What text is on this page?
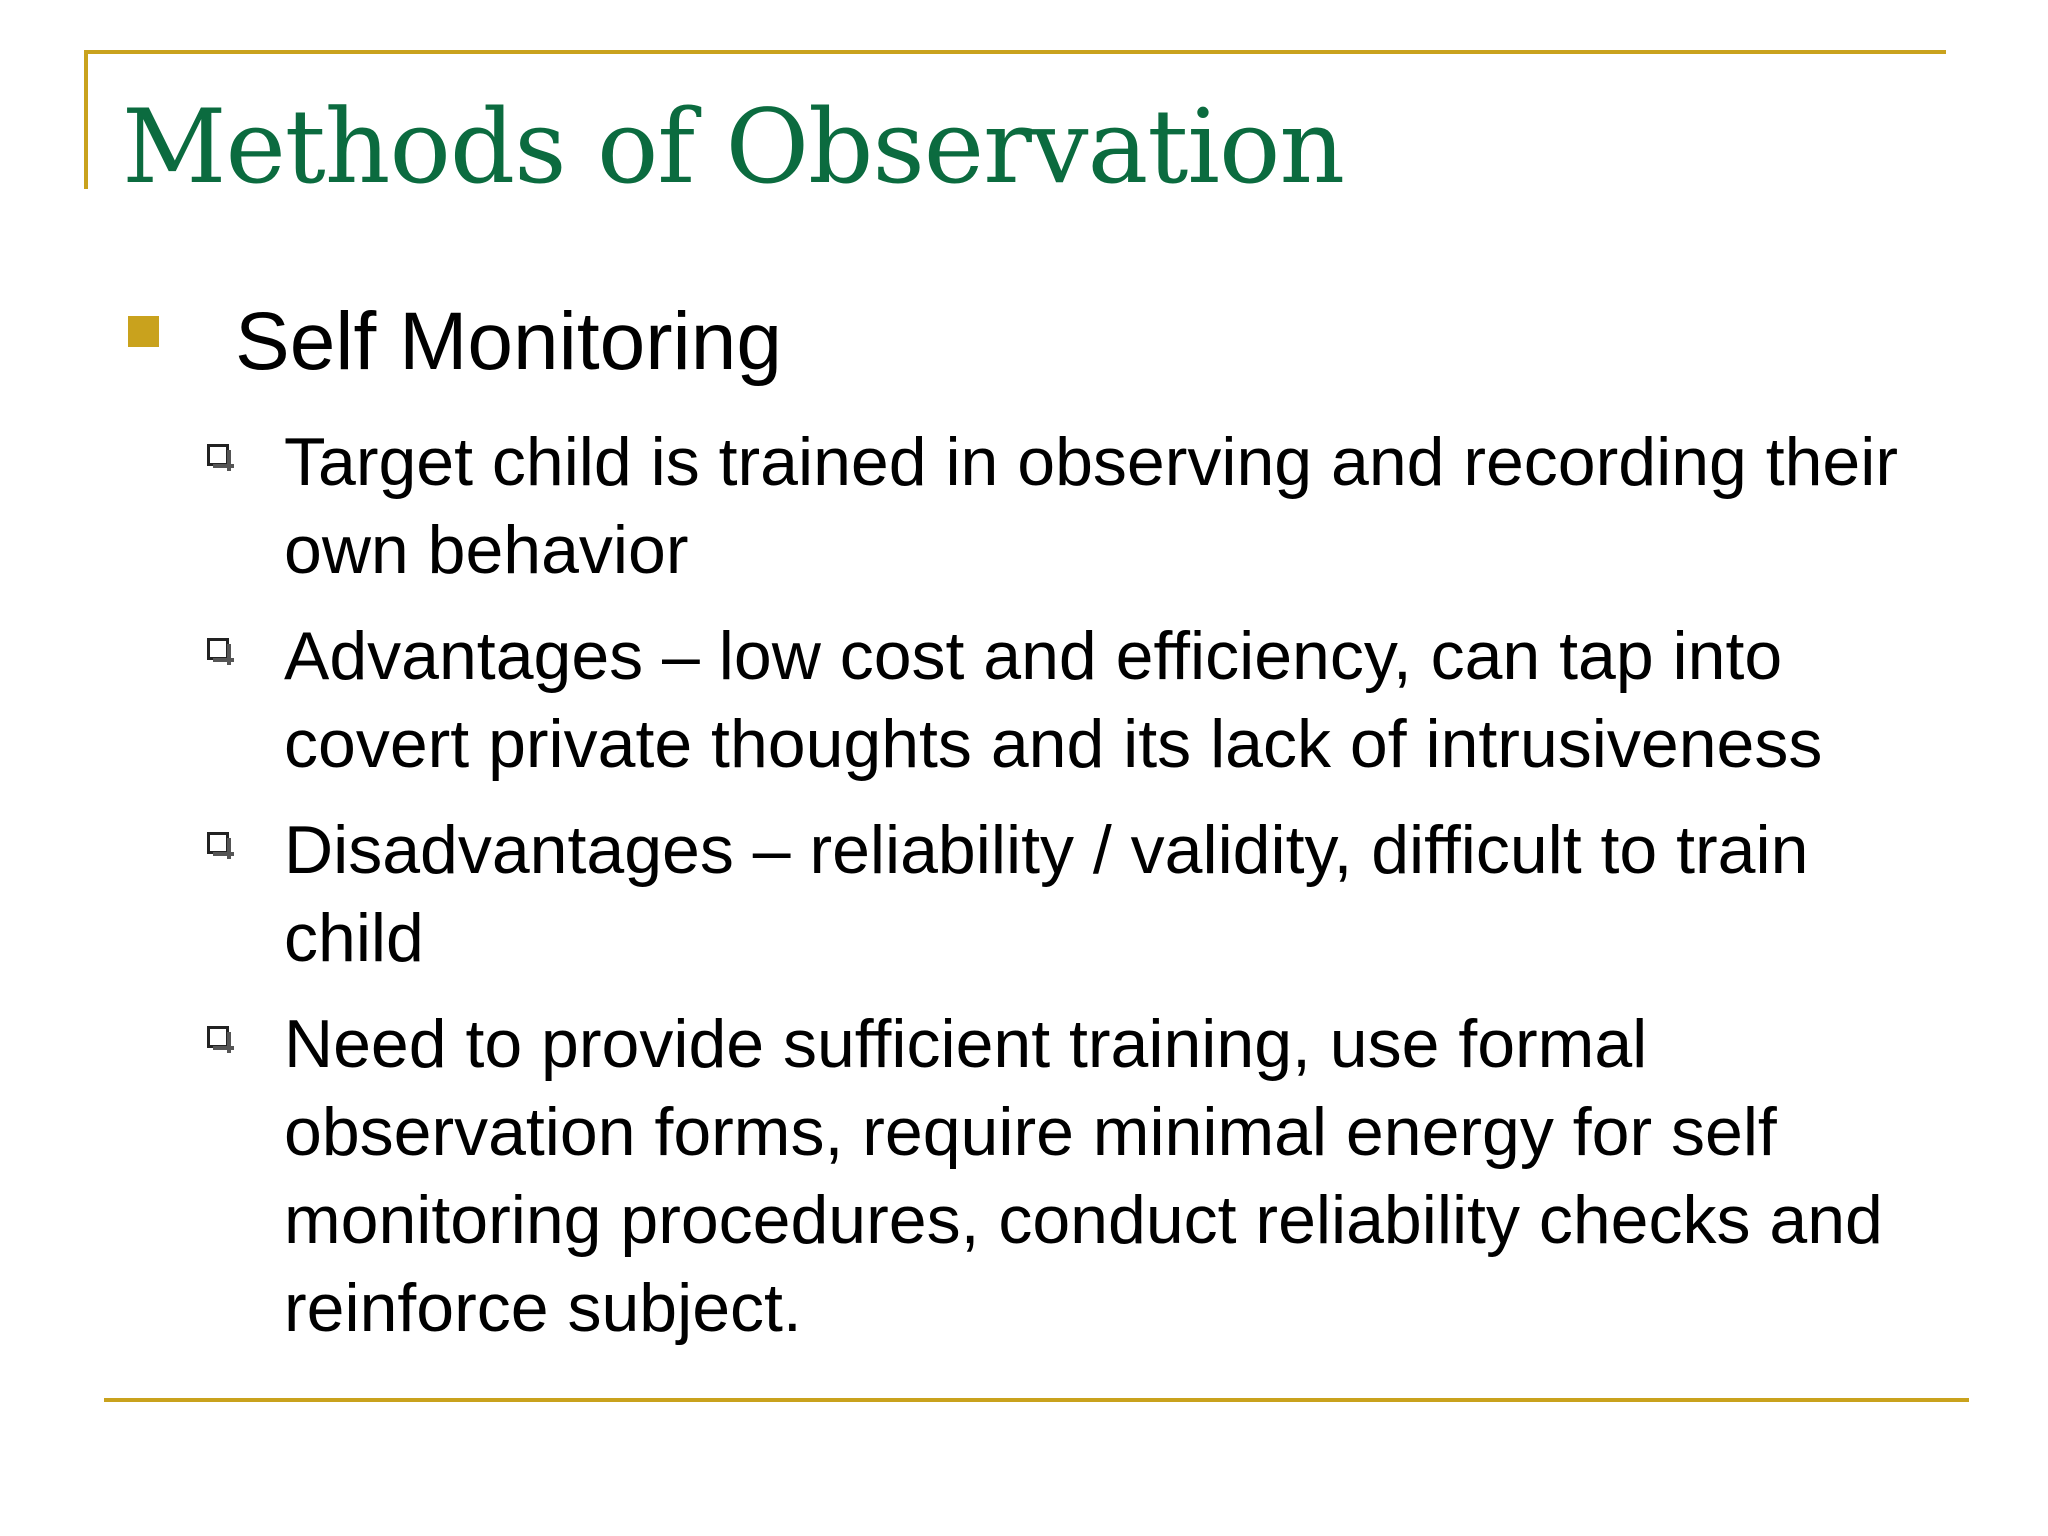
Methods of Observation
Self Monitoring
Target child is trained in observing and recording their own behavior
Advantages – low cost and efficiency, can tap into covert private thoughts and its lack of intrusiveness
Disadvantages – reliability / validity, difficult to train child
Need to provide sufficient training, use formal observation forms, require minimal energy for self monitoring procedures, conduct reliability checks and reinforce subject.
